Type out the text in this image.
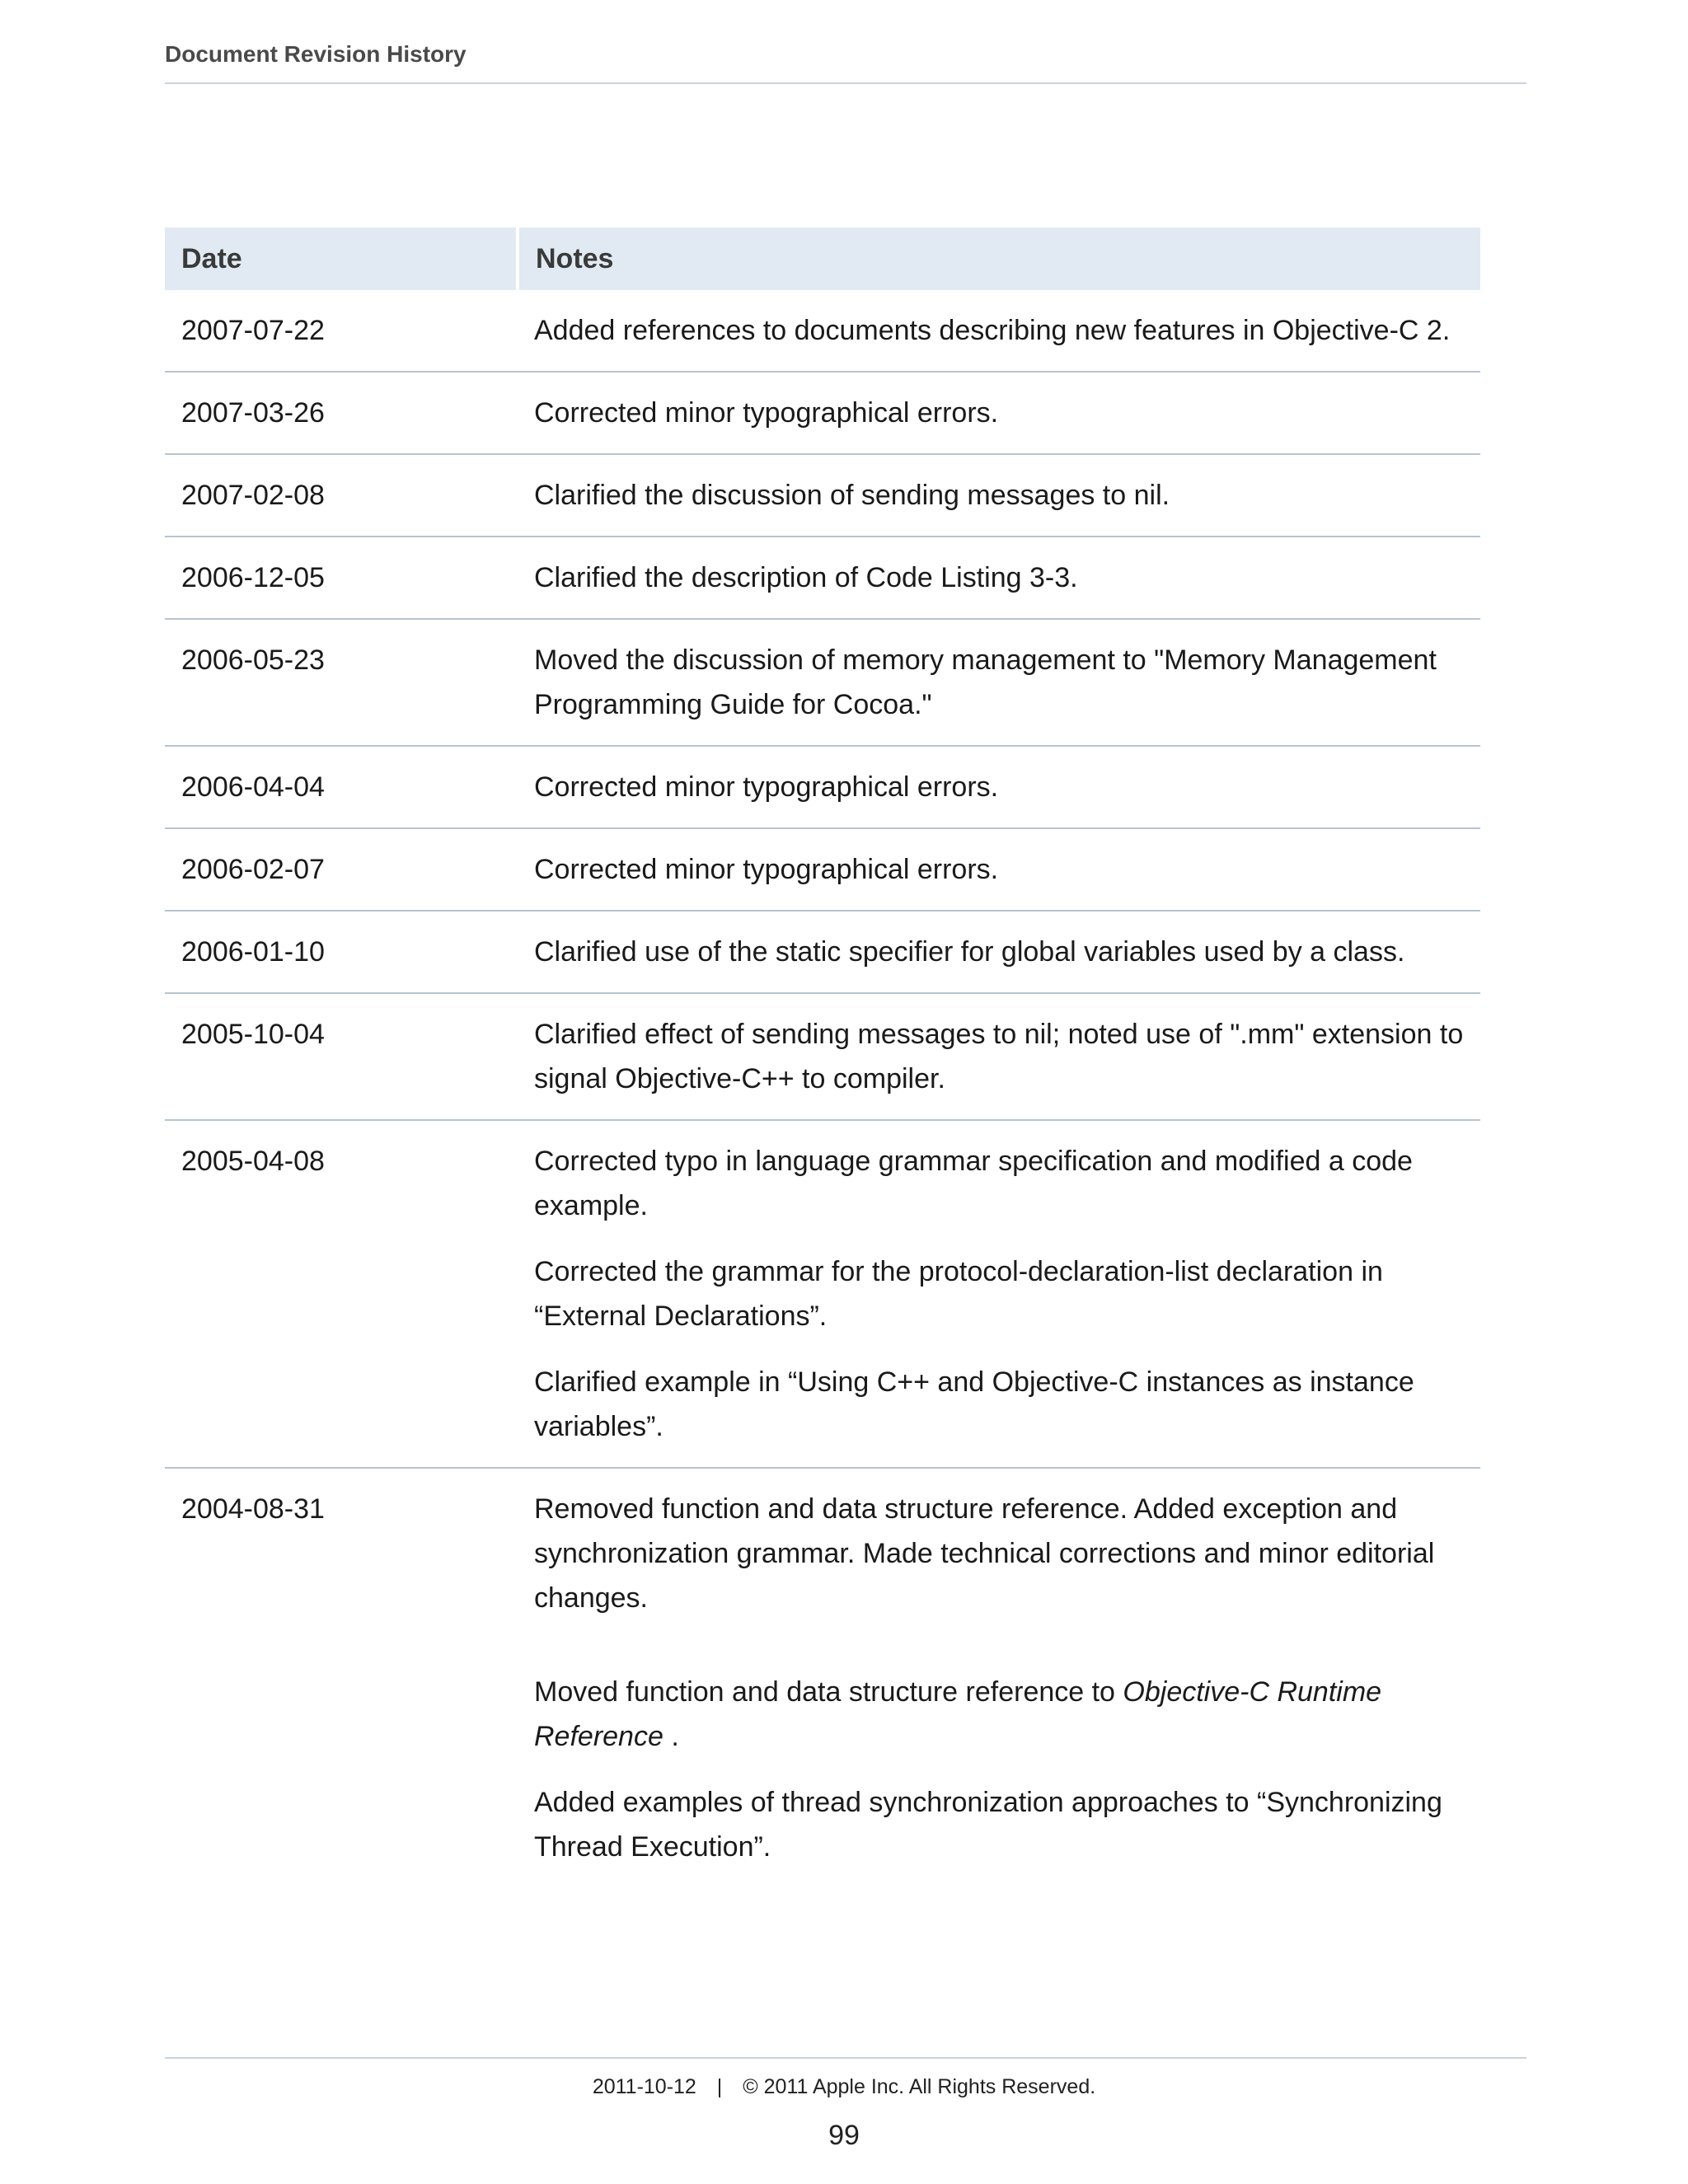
Document Revision History
Date	Notes
2007-07-22	Added references to documents describing new features in Objective-C 2.

2007-03-26	Corrected minor typographical errors.

2007-02-08	Clarified the discussion of sending messages to nil.

2006-12-05	Clarified the description of Code Listing 3-3.

2006-05-23	Moved the discussion of memory management to "Memory Management Programming Guide for Cocoa."

2006-04-04	Corrected minor typographical errors.

2006-02-07	Corrected minor typographical errors.

2006-01-10	Clarified use of the static specifier for global variables used by a class.

2005-10-04	Clarified effect of sending messages to nil; noted use of ".mm" extension to signal Objective-C++ to compiler.

2005-04-08	Corrected typo in language grammar specification and modified a code example.

Corrected the grammar for the protocol-declaration-list declaration in “External Declarations”.

Clarified example in “Using C++ and Objective-C instances as instance variables”.

2004-08-31	Removed function and data structure reference. Added exception and synchronization grammar. Made technical corrections and minor editorial changes.

Moved function and data structure reference to Objective-C Runtime Reference .

Added examples of thread synchronization approaches to “Synchronizing Thread Execution”.

2011-10-12 | © 2011 Apple Inc. All Rights Reserved.
99
